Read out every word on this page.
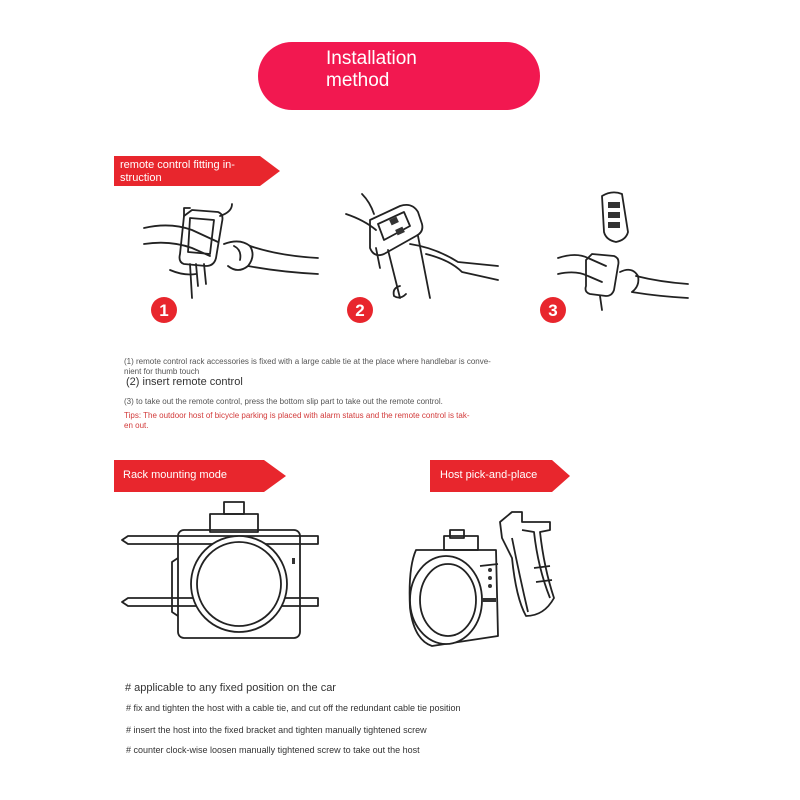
Installation
method
remote control fitting in-
struction
1	2	3
(1) remote control rack accessories is fixed with a large cable tie at the place where handlebar is conve-
nient for thumb touch
(2) insert remote control
(3) to take out the remote control, press the bottom slip part to take out the remote control.
Tips: The outdoor host of bicycle parking is placed with alarm status and the remote control is tak-
en out.
Rack mounting mode	Host pick-and-place
# applicable to any fixed position on the car
# fix and tighten the host with a cable tie, and cut off the redundant cable tie position
# insert the host into the fixed bracket and tighten manually tightened screw
# counter clock-wise loosen manually tightened screw to take out the host
